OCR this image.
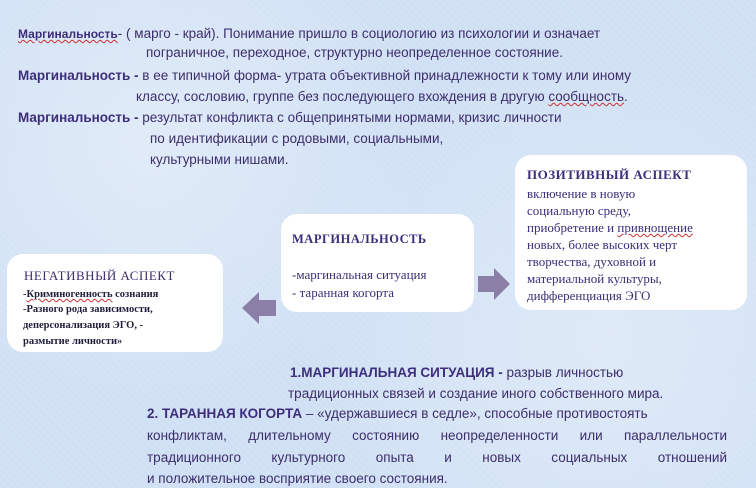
Маргинальность- ( марго - край). Понимание пришло в социологию из психологии и означает
пограничное, переходное, структурно неопределенное состояние.
Маргинальность - в ее типичной форма- утрата объективной принадлежности к тому или иному
классу, сословию, группе без последующего вхождения в другую сообщность.
Маргинальность - результат конфликта с общепринятыми нормами, кризис личности
по идентификации с родовыми, социальными,
культурными нишами.
ПОЗИТИВНЫЙ АСПЕКТ
включение в новую
социальную среду,
приобретение и привнощение
новых, более высоких черт
творчества, духовной и
материальной культуры,
дифференциация ЭГО
МАРГИНАЛЬНОСТЬ
-маргинальная ситуация
- таранная когорта
НЕГАТИВНЫЙ АСПЕКТ
-Криминогенность сознания
-Разного рода зависимости,
деперсонализация ЭГО, -
размытие личности»
1.МАРГИНАЛЬНАЯ СИТУАЦИЯ - разрыв личностью
традиционных связей и создание иного собственного мира.
2. ТАРАННАЯ КОГОРТА – «удержавшиеся в седле», способные противостоять
конфликтам, длительному состоянию неопределенности или параллельности
традиционного культурного опыта и новых социальных отношений
и положительное восприятие своего состояния.
